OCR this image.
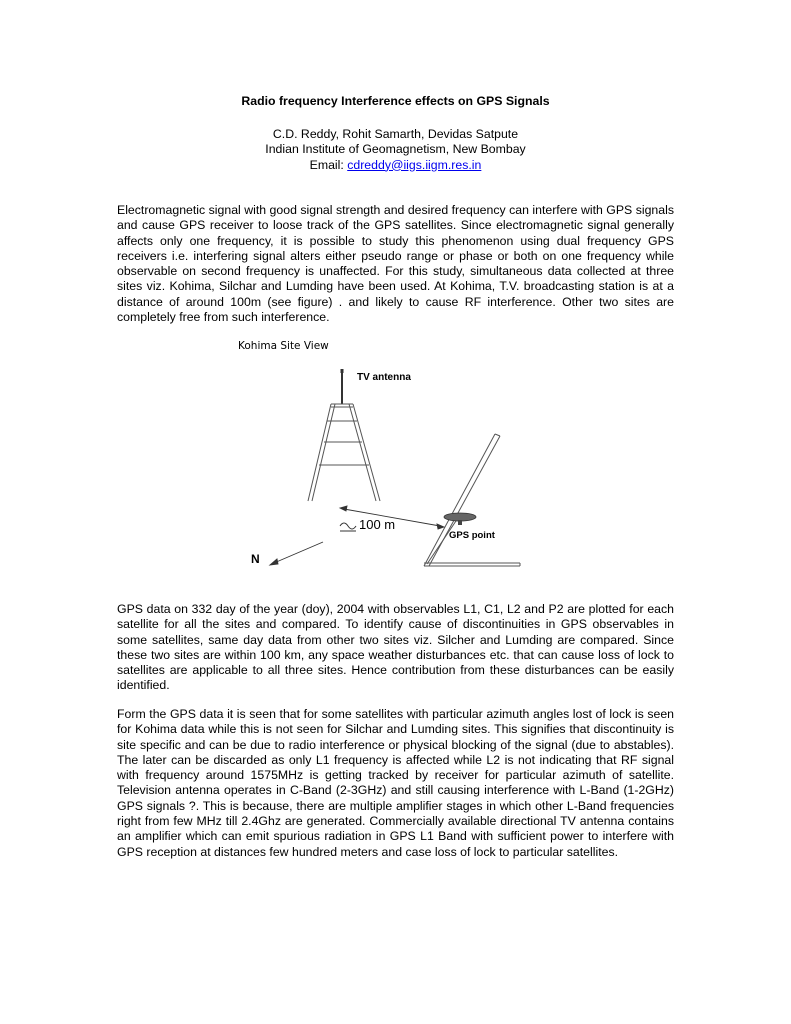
Radio frequency Interference effects on GPS Signals
C.D. Reddy, Rohit Samarth, Devidas Satpute
Indian Institute of Geomagnetism, New Bombay
Email: cdreddy@iigs.iigm.res.in

Electromagnetic signal with good signal strength and desired frequency can interfere with GPS signals and cause GPS receiver to loose track of the GPS satellites. Since electromagnetic signal generally affects only one frequency, it is possible to study this phenomenon using dual frequency GPS receivers i.e. interfering signal alters either pseudo range or phase or both on one frequency while observable on second frequency is unaffected. For this study, simultaneous data collected at three sites viz. Kohima, Silchar and Lumding have been used. At Kohima, T.V. broadcasting station is at a distance of around 100m (see figure) . and likely to cause RF interference. Other two sites are completely free from such interference.

Kohima Site View
TV antenna
100 m
GPS point
N

GPS data on 332 day of the year (doy), 2004 with observables L1, C1, L2 and P2 are plotted for each satellite for all the sites and compared. To identify cause of discontinuities in GPS observables in some satellites, same day data from other two sites viz. Silcher and Lumding are compared. Since these two sites are within 100 km, any space weather disturbances etc. that can cause loss of lock to satellites are applicable to all three sites. Hence contribution from these disturbances can be easily identified.

Form the GPS data it is seen that for some satellites with particular azimuth angles lost of lock is seen for Kohima data while this is not seen for Silchar and Lumding sites. This signifies that discontinuity is site specific and can be due to radio interference or physical blocking of the signal (due to abstables). The later can be discarded as only L1 frequency is affected while L2 is not indicating that RF signal with frequency around 1575MHz is getting tracked by receiver for particular azimuth of satellite. Television antenna operates in C-Band (2-3GHz) and still causing interference with L-Band (1-2GHz) GPS signals ?. This is because, there are multiple amplifier stages in which other L-Band frequencies right from few MHz till 2.4Ghz are generated. Commercially available directional TV antenna contains an amplifier which can emit spurious radiation in GPS L1 Band with sufficient power to interfere with GPS reception at distances few hundred meters and case loss of lock to particular satellites.
